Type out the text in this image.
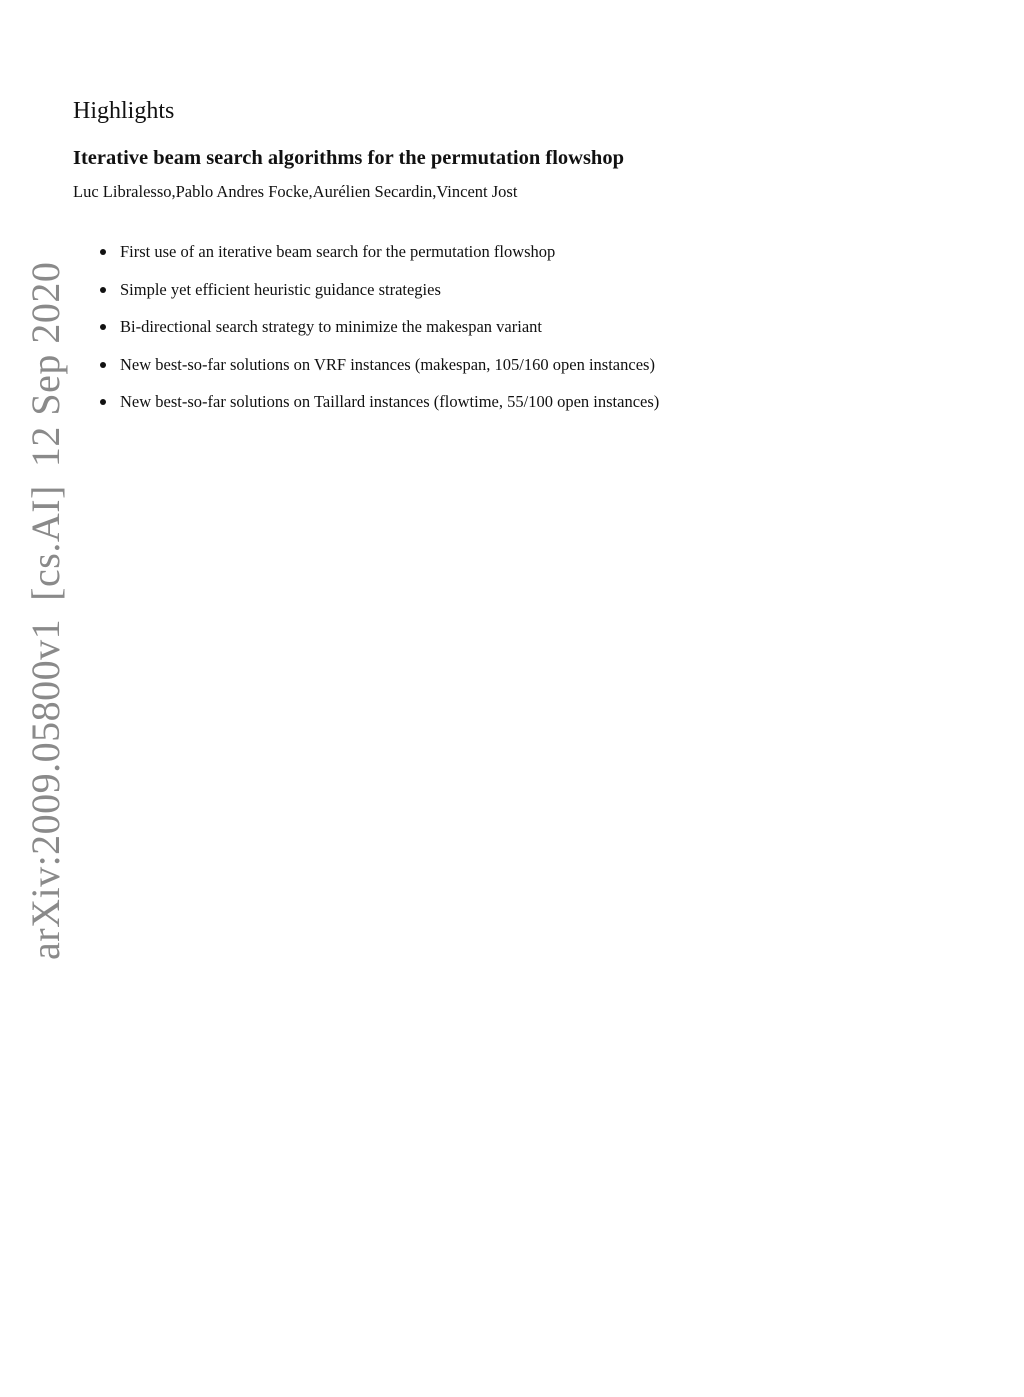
arXiv:2009.05800v1[cs.AI]12 Sep 2020
Highlights
Iterative beam search algorithms for the permutation flowshop

Luc Libralesso,Pablo Andres Focke,Aurélien Secardin,Vincent Jost

First use of an iterative beam search for the permutation flowshop
Simple yet efficient heuristic guidance strategies
Bi-directional search strategy to minimize the makespan variant
New best-so-far solutions on VRF instances (makespan, 105/160 open instances)
New best-so-far solutions on Taillard instances (flowtime, 55/100 open instances)
